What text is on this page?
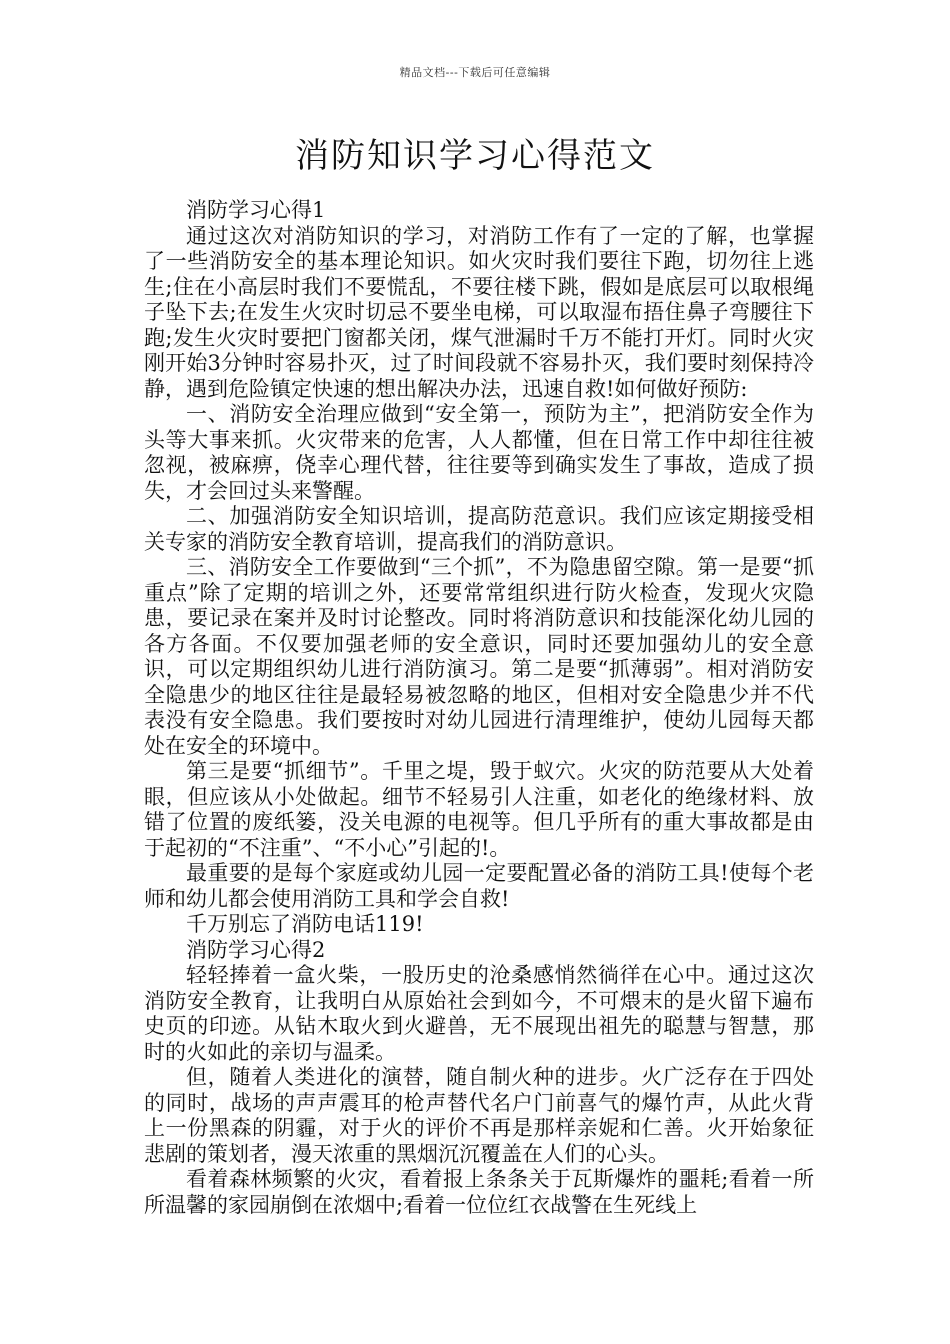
精品文档---下载后可任意编辑
消防知识学习心得范文

消防学习心得1

通过这次对消防知识的学习，对消防工作有了一定的了解，也掌握了一些消防安全的基本理论知识。如火灾时我们要往下跑，切勿往上逃生;住在小高层时我们不要慌乱，不要往楼下跳，假如是底层可以取根绳子坠下去;在发生火灾时切忌不要坐电梯，可以取湿布捂住鼻子弯腰往下跑;发生火灾时要把门窗都关闭，煤气泄漏时千万不能打开灯。同时火灾刚开始3分钟时容易扑灭，过了时间段就不容易扑灭，我们要时刻保持冷静，遇到危险镇定快速的想出解决办法，迅速自救!如何做好预防:

一、消防安全治理应做到“安全第一，预防为主”，把消防安全作为头等大事来抓。火灾带来的危害，人人都懂，但在日常工作中却往往被忽视，被麻痹，侥幸心理代替，往往要等到确实发生了事故，造成了损失，才会回过头来警醒。

二、加强消防安全知识培训，提高防范意识。我们应该定期接受相关专家的消防安全教育培训，提高我们的消防意识。

三、消防安全工作要做到“三个抓”，不为隐患留空隙。第一是要“抓重点”除了定期的培训之外，还要常常组织进行防火检查，发现火灾隐患，要记录在案并及时讨论整改。同时将消防意识和技能深化幼儿园的各方各面。不仅要加强老师的安全意识，同时还要加强幼儿的安全意识，可以定期组织幼儿进行消防演习。第二是要“抓薄弱”。相对消防安全隐患少的地区往往是最轻易被忽略的地区，但相对安全隐患少并不代表没有安全隐患。我们要按时对幼儿园进行清理维护，使幼儿园每天都处在安全的环境中。

第三是要“抓细节”。千里之堤，毁于蚁穴。火灾的防范要从大处着眼，但应该从小处做起。细节不轻易引人注重，如老化的绝缘材料、放错了位置的废纸篓，没关电源的电视等。但几乎所有的重大事故都是由于起初的“不注重”、“不小心”引起的!。

最重要的是每个家庭或幼儿园一定要配置必备的消防工具!使每个老师和幼儿都会使用消防工具和学会自救!

千万别忘了消防电话119!

消防学习心得2

轻轻捧着一盒火柴，一股历史的沧桑感悄然徜徉在心中。通过这次消防安全教育，让我明白从原始社会到如今，不可煨末的是火留下遍布史页的印迹。从钻木取火到火避兽，无不展现出祖先的聪慧与智慧，那时的火如此的亲切与温柔。

但，随着人类进化的演替，随自制火种的进步。火广泛存在于四处的同时，战场的声声震耳的枪声替代名户门前喜气的爆竹声，从此火背上一份黑森的阴霾，对于火的评价不再是那样亲妮和仁善。火开始象征悲剧的策划者，漫天浓重的黑烟沉沉覆盖在人们的心头。

看着森林频繁的火灾，看着报上条条关于瓦斯爆炸的噩耗;看着一所所温馨的家园崩倒在浓烟中;看着一位位红衣战警在生死线上
